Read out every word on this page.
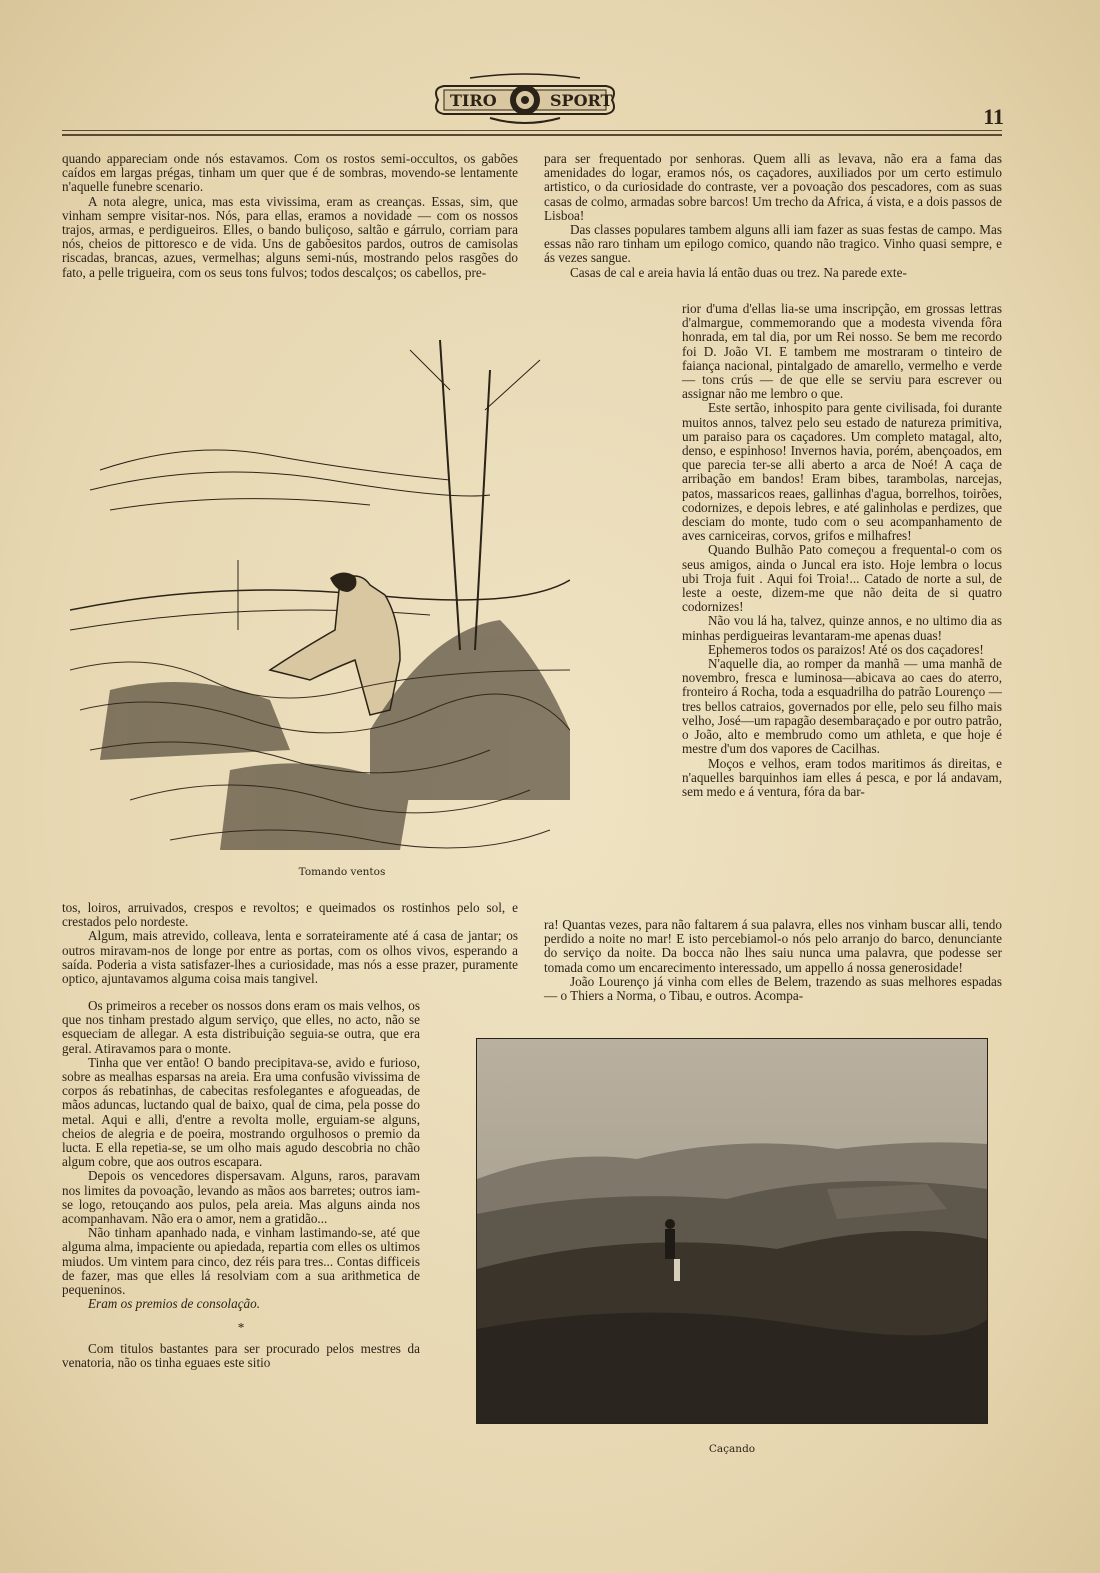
TIRO	SPORT
11

quando appareciam onde nós estavamos. Com os rostos semi-occultos, os gabões caídos em largas prégas, tinham um quer que é de sombras, movendo-se lentamente n'aquelle funebre scenario.

A nota alegre, unica, mas esta vivissima, eram as creanças. Essas, sim, que vinham sempre visitar-nos. Nós, para ellas, eramos a novidade — com os nossos trajos, armas, e perdigueiros. Elles, o bando buliçoso, saltão e gárrulo, corriam para nós, cheios de pittoresco e de vida. Uns de gabõesitos pardos, outros de camisolas riscadas, brancas, azues, vermelhas; alguns semi-nús, mostrando pelos rasgões do fato, a pelle trigueira, com os seus tons fulvos; todos descalços; os cabellos, pre-

Tomando ventos

tos, loiros, arruivados, crespos e revoltos; e queimados os rostinhos pelo sol, e crestados pelo nordeste.

Algum, mais atrevido, colleava, lenta e sorrateiramente até á casa de jantar; os outros miravam-nos de longe por entre as portas, com os olhos vivos, esperando a saída. Poderia a vista satisfazer-lhes a curiosidade, mas nós a esse prazer, puramente optico, ajuntavamos alguma coisa mais tangivel.

Os primeiros a receber os nossos dons eram os mais velhos, os que nos tinham prestado algum serviço, que elles, no acto, não se esqueciam de allegar. A esta distribuição seguia-se outra, que era geral. Atiravamos para o monte.

Tinha que ver então! O bando precipitava-se, avido e furioso, sobre as mealhas esparsas na areia. Era uma confusão vivissima de corpos ás rebatinhas, de cabecitas resfolegantes e afogueadas, de mãos aduncas, luctando qual de baixo, qual de cima, pela posse do metal. Aqui e alli, d'entre a revolta molle, erguiam-se alguns, cheios de alegria e de poeira, mostrando orgulhosos o premio da lucta. E ella repetia-se, se um olho mais agudo descobria no chão algum cobre, que aos outros escapara.

Depois os vencedores dispersavam. Alguns, raros, paravam nos limites da povoação, levando as mãos aos barretes; outros iam-se logo, retouçando aos pulos, pela areia. Mas alguns ainda nos acompanhavam. Não era o amor, nem a gratidão...

Não tinham apanhado nada, e vinham lastimando-se, até que alguma alma, impaciente ou apiedada, repartia com elles os ultimos miudos. Um vintem para cinco, dez réis para tres... Contas difficeis de fazer, mas que elles lá resolviam com a sua arithmetica de pequeninos.

Eram os premios de consolação.

*

Com titulos bastantes para ser procurado pelos mestres da venatoria, não os tinha eguaes este sitio

para ser frequentado por senhoras. Quem alli as levava, não era a fama das amenidades do logar, eramos nós, os caçadores, auxiliados por um certo estimulo artistico, o da curiosidade do contraste, ver a povoação dos pescadores, com as suas casas de colmo, armadas sobre barcos! Um trecho da Africa, á vista, e a dois passos de Lisboa!

Das classes populares tambem alguns alli iam fazer as suas festas de campo. Mas essas não raro tinham um epilogo comico, quando não tragico. Vinho quasi sempre, e ás vezes sangue.

Casas de cal e areia havia lá então duas ou trez. Na parede exte-

rior d'uma d'ellas lia-se uma inscripção, em grossas lettras d'almargue, commemorando que a modesta vivenda fôra honrada, em tal dia, por um Rei nosso. Se bem me recordo foi D. João VI. E tambem me mostraram o tinteiro de faiança nacional, pintalgado de amarello, vermelho e verde — tons crús — de que elle se serviu para escrever ou assignar não me lembro o que.

Este sertão, inhospito para gente civilisada, foi durante muitos annos, talvez pelo seu estado de natureza primitiva, um paraiso para os caçadores. Um completo matagal, alto, denso, e espinhoso! Invernos havia, porém, abençoados, em que parecia ter-se alli aberto a arca de Noé! A caça de arribação em bandos! Eram bibes, tarambolas, narcejas, patos, massaricos reaes, gallinhas d'agua, borrelhos, toirões, codornizes, e depois lebres, e até galinholas e perdizes, que desciam do monte, tudo com o seu acompanhamento de aves carniceiras, corvos, grifos e milhafres!

Quando Bulhão Pato começou a frequental-o com os seus amigos, ainda o Juncal era isto. Hoje lembra o locus ubi Troja fuit . Aqui foi Troia!... Catado de norte a sul, de leste a oeste, dizem-me que não deita de si quatro codornizes!

Não vou lá ha, talvez, quinze annos, e no ultimo dia as minhas perdigueiras levantaram-me apenas duas!

Ephemeros todos os paraizos! Até os dos caçadores!

N'aquelle dia, ao romper da manhã — uma manhã de novembro, fresca e luminosa—abicava ao caes do aterro, fronteiro á Rocha, toda a esquadrilha do patrão Lourenço — tres bellos catraios, governados por elle, pelo seu filho mais velho, José—um rapagão desembaraçado e por outro patrão, o João, alto e membrudo como um athleta, e que hoje é mestre d'um dos vapores de Cacilhas.

Moços e velhos, eram todos maritimos ás direitas, e n'aquelles barquinhos iam elles á pesca, e por lá andavam, sem medo e á ventura, fóra da bar-

ra! Quantas vezes, para não faltarem á sua palavra, elles nos vinham buscar alli, tendo perdido a noite no mar! E isto percebiamol-o nós pelo arranjo do barco, denunciante do serviço da noite. Da bocca não lhes saiu nunca uma palavra, que podesse ser tomada como um encarecimento interessado, um appello á nossa generosidade!

João Lourenço já vinha com elles de Belem, trazendo as suas melhores espadas — o Thiers a Norma, o Tibau, e outros. Acompa-

Caçando
